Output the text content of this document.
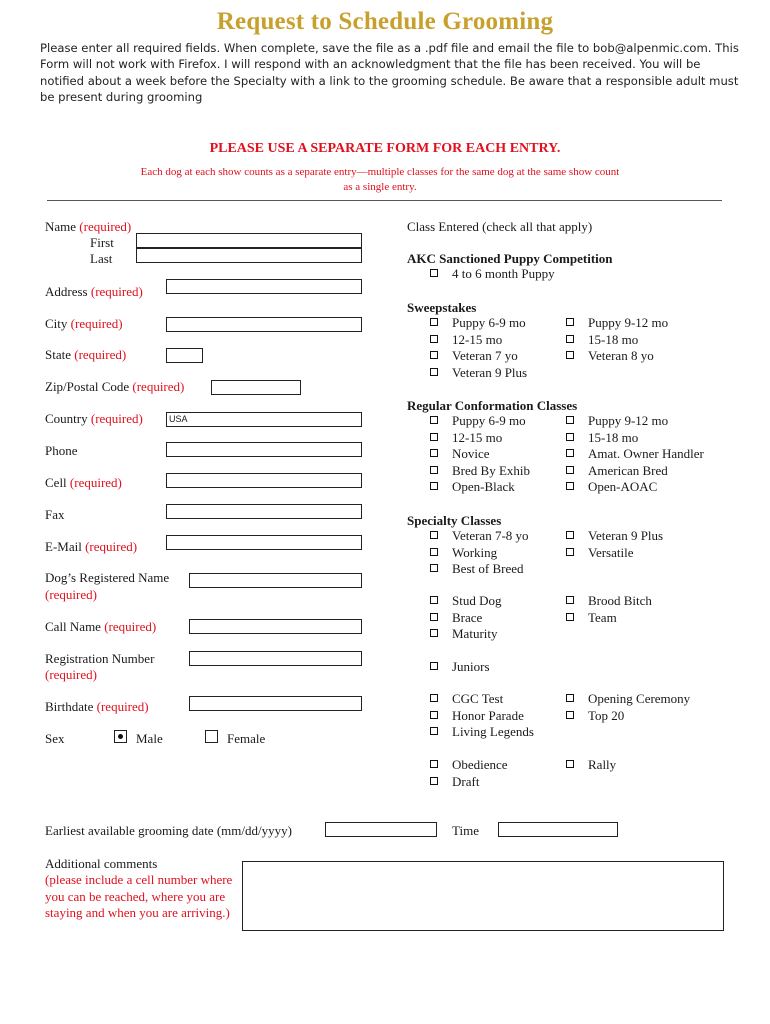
Request to Schedule Grooming
Please enter all required fields. When complete, save the file as a .pdf file and email the file to bob@alpenmic.com. This Form will not work with Firefox. I will respond with an acknowledgment that the file has been received. You will be notified about a week before the Specialty with a link to the grooming schedule. Be aware that a responsible adult must be present during grooming
PLEASE USE A SEPARATE FORM FOR EACH ENTRY.
Each dog at each show counts as a separate entry—multiple classes for the same dog at the same show count as a single entry.
Name (required)
First
Last
Address (required)
City (required)
State (required)
Zip/Postal Code (required)
Country (required)	USA
Phone
Cell (required)
Fax
E-Mail (required)
Dog’s Registered Name
(required)
Call Name (required)
Registration Number
(required)
Birthdate (required)
Sex	Male	Female
Class Entered (check all that apply)
AKC Sanctioned Puppy Competition
4 to 6 month Puppy
Sweepstakes
Puppy 6-9 mo
12-15 mo
Veteran 7 yo
Veteran 9 Plus
Puppy 9-12 mo
15-18 mo
Veteran 8 yo
Regular Conformation Classes
Puppy 6-9 mo
12-15 mo
Novice
Bred By Exhib
Open-Black
Puppy 9-12 mo
15-18 mo
Amat. Owner Handler
American Bred
Open-AOAC
Specialty Classes
Veteran 7-8 yo
Working
Best of Breed
Veteran 9 Plus
Versatile
Stud Dog
Brace
Maturity
Brood Bitch
Team
Juniors
CGC Test
Honor Parade
Living Legends
Opening Ceremony
Top 20
Obedience
Draft
Rally
Earliest available grooming date (mm/dd/yyyy)	Time
Additional comments
(please include a cell number where you can be reached, where you are staying and when you are arriving.)
